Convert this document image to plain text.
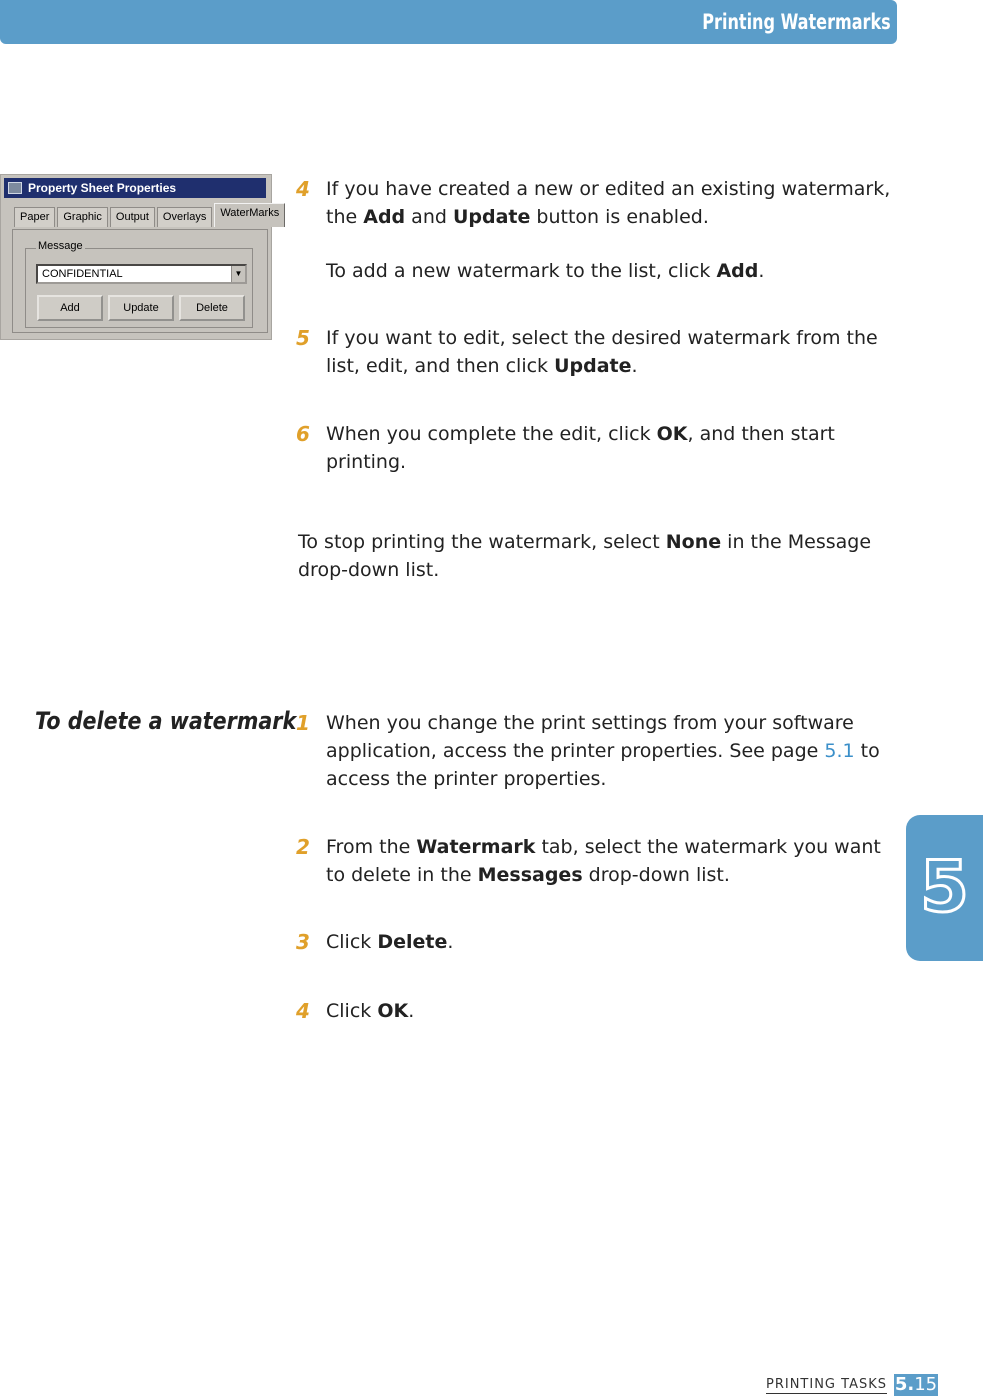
Printing Watermarks
Property Sheet Properties
Paper	Graphic	Output	Overlays	WaterMarks
Message
CONFIDENTIAL	▼
Add	Update	Delete
4 If you have created a new or edited an existing watermark, the Add and Update button is enabled.
To add a new watermark to the list, click Add.
5 If you want to edit, select the desired watermark from the list, edit, and then click Update.
6 When you complete the edit, click OK, and then start printing.
To stop printing the watermark, select None in the Message drop-down list.
To delete a watermark 1 When you change the print settings from your software application, access the printer properties. See page 5.1 to access the printer properties.
2 From the Watermark tab, select the watermark you want to delete in the Messages drop-down list.
3 Click Delete.
4 Click OK.
5
PRINTING TASKS 5.15
